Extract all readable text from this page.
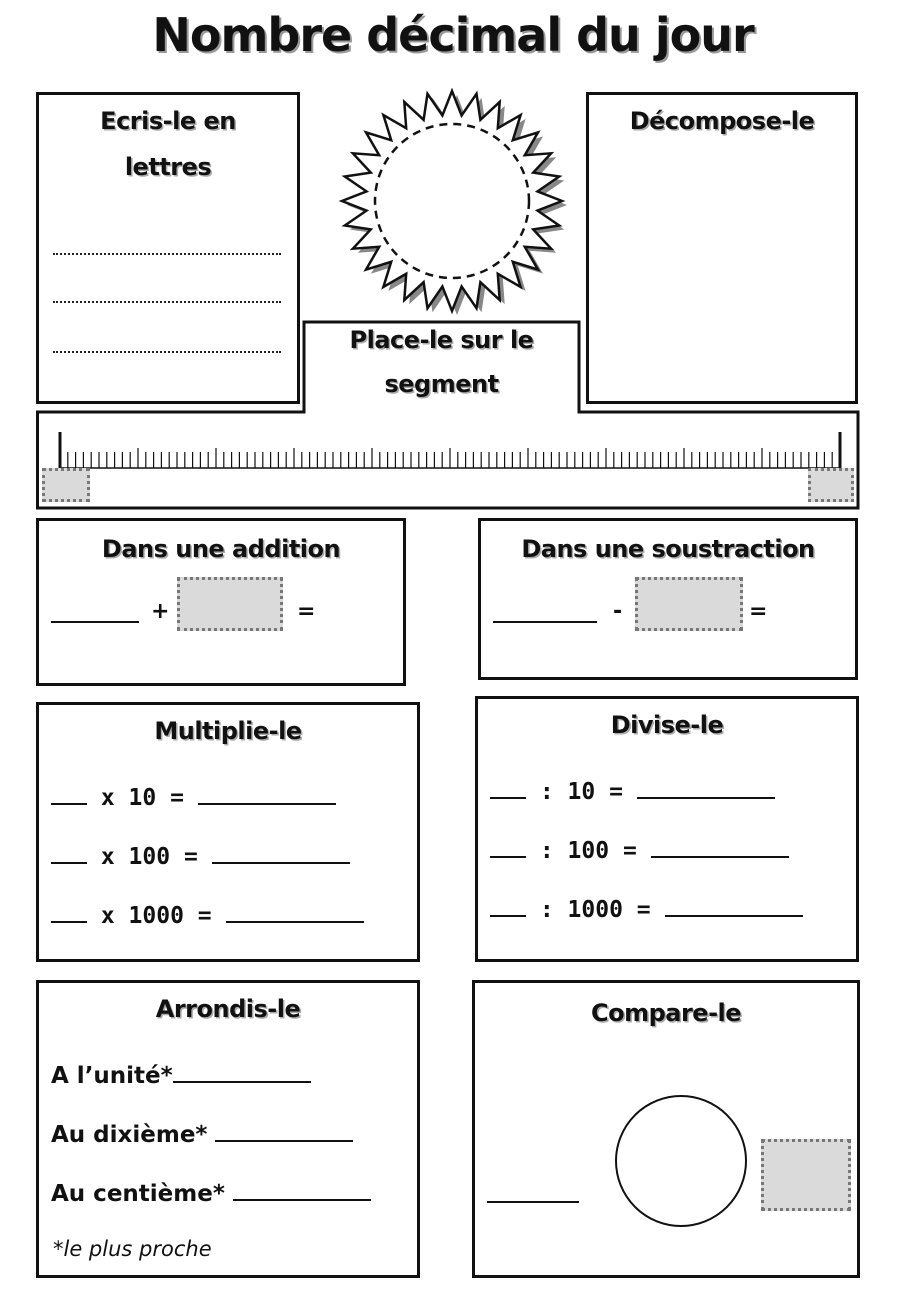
Nombre décimal du jour
Ecris-le en
lettres
Décompose-le
Place-le sur le
segment
Dans une addition
+	=
Dans une soustraction
-	=
Multiplie-le
x 10 =
x 100 =
x 1000 =
Divise-le
: 10 =
: 100 =
: 1000 =
Arrondis-le
A l’unité*
Au dixième*
Au centième*
*le plus proche
Compare-le
